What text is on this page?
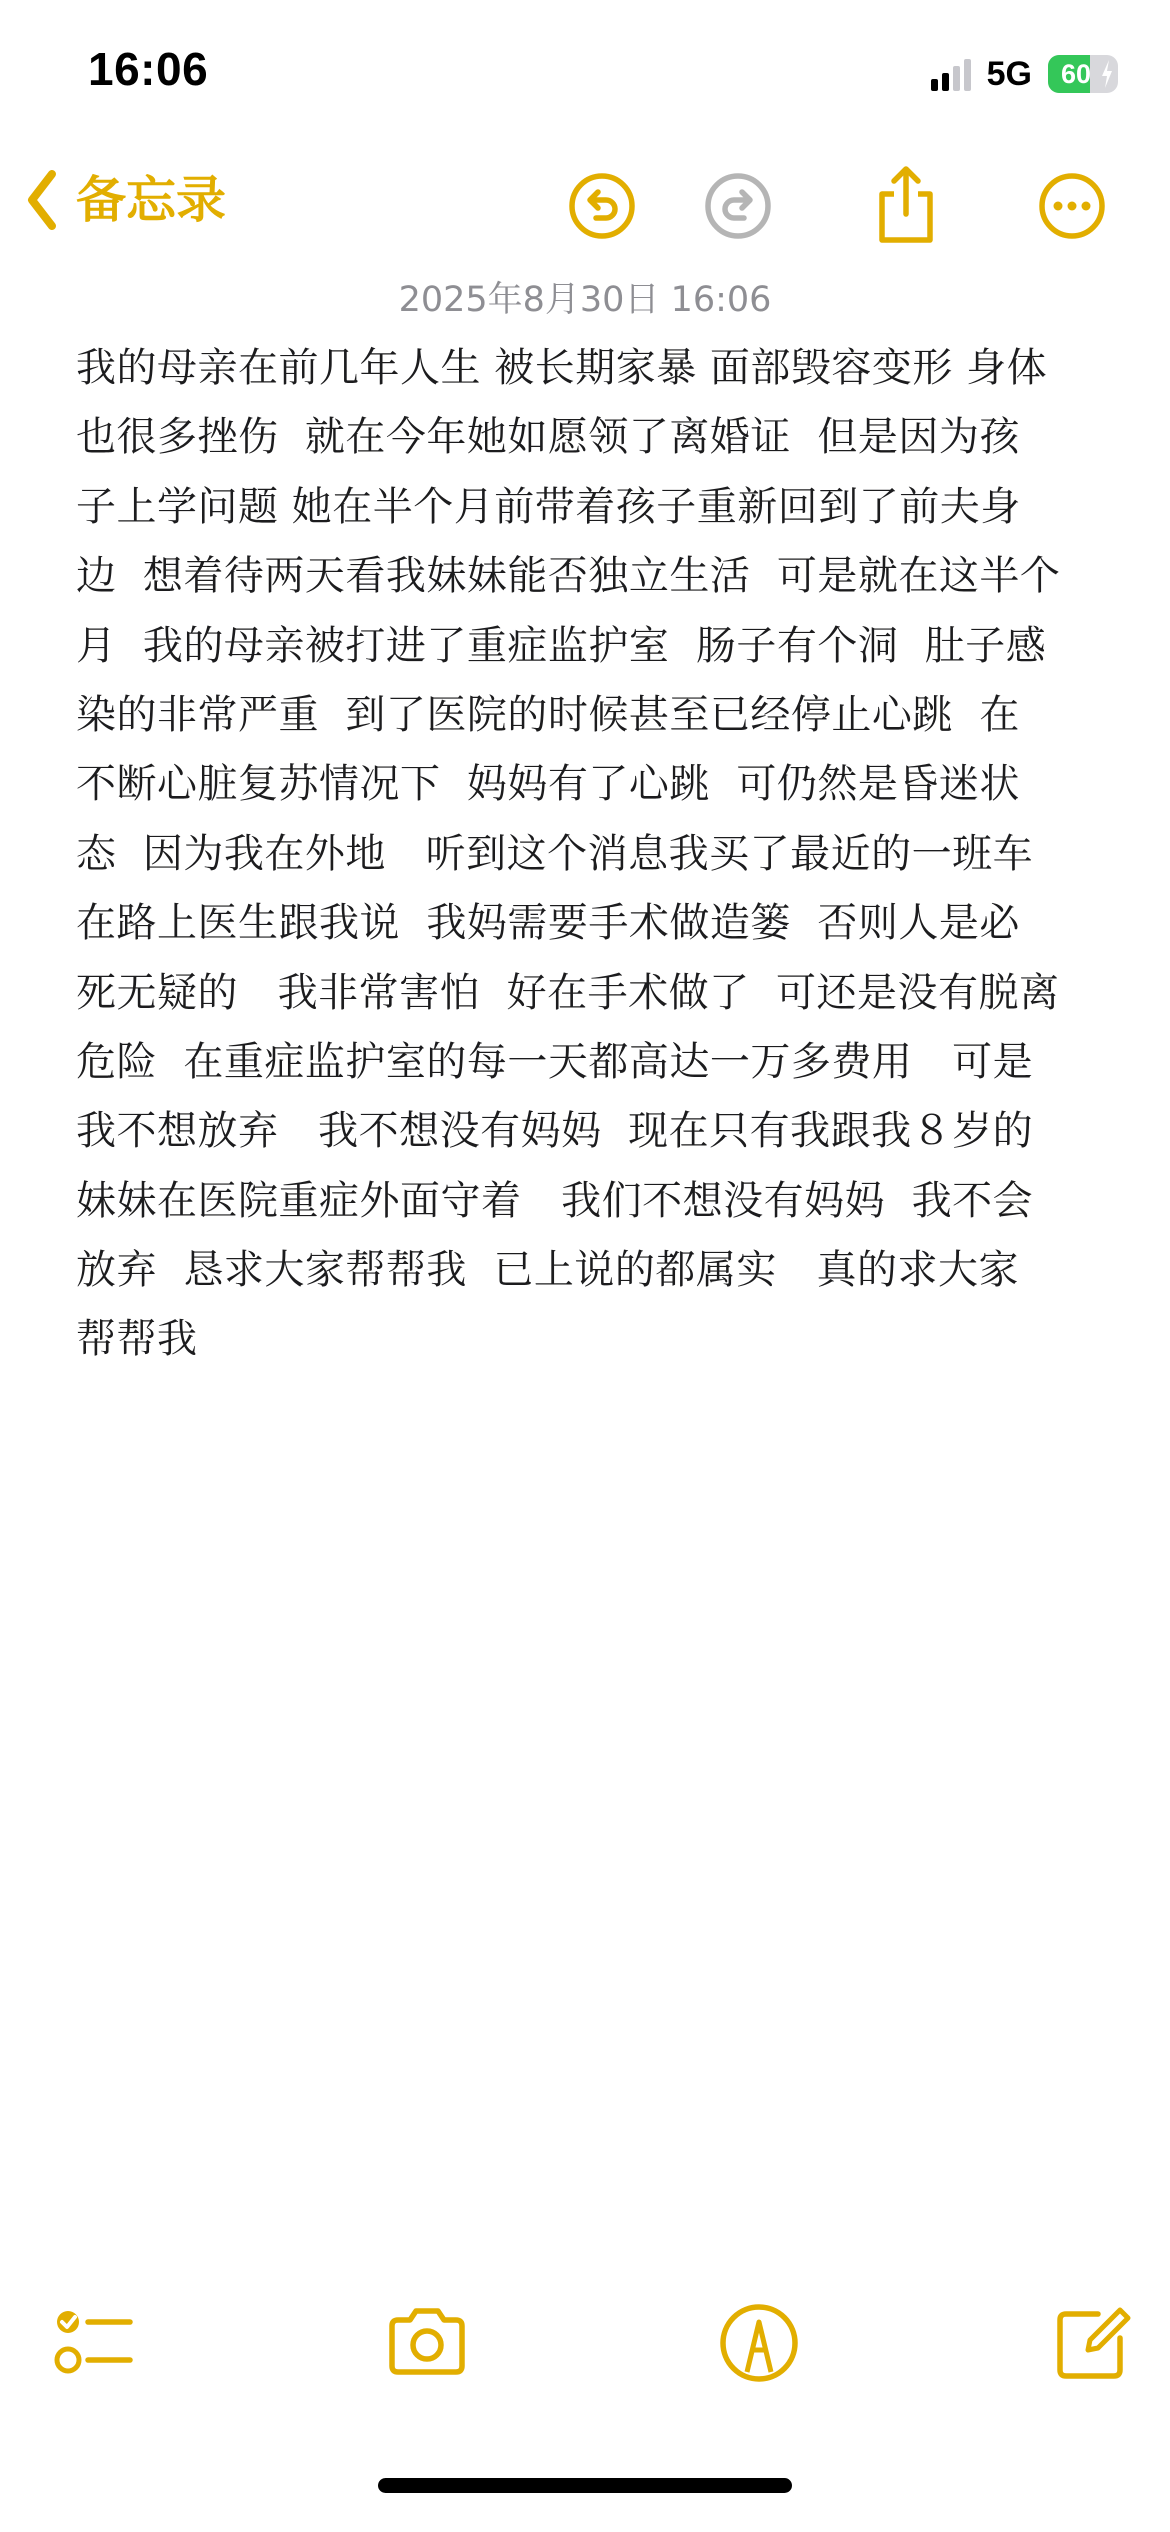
16:06	5G	60
备忘录
2025年8月30日 16:06
我的母亲在前几年人生 被长期家暴 面部毁容变形 身体
也很多挫伤  就在今年她如愿领了离婚证  但是因为孩
子上学问题 她在半个月前带着孩子重新回到了前夫身
边  想着待两天看我妹妹能否独立生活  可是就在这半个
月  我的母亲被打进了重症监护室  肠子有个洞  肚子感
染的非常严重  到了医院的时候甚至已经停止心跳  在
不断心脏复苏情况下  妈妈有了心跳  可仍然是昏迷状
态  因为我在外地   听到这个消息我买了最近的一班车
在路上医生跟我说  我妈需要手术做造篓  否则人是必
死无疑的   我非常害怕  好在手术做了  可还是没有脱离
危险  在重症监护室的每一天都高达一万多费用   可是
我不想放弃   我不想没有妈妈  现在只有我跟我８岁的
妹妹在医院重症外面守着   我们不想没有妈妈  我不会
放弃  恳求大家帮帮我  已上说的都属实   真的求大家
帮帮我
